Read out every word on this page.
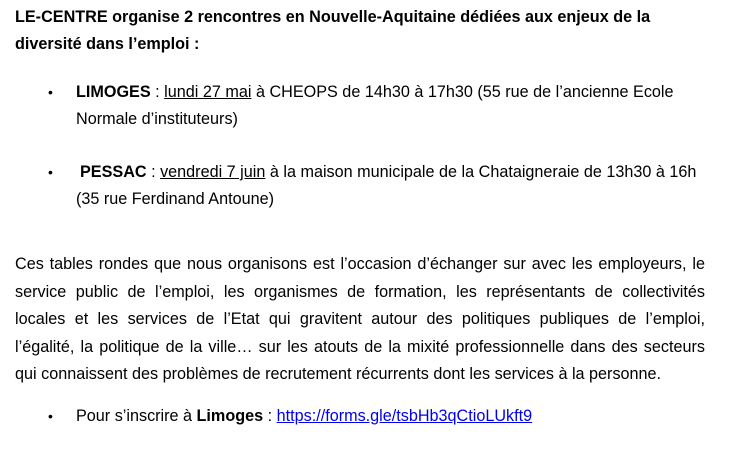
LE-CENTRE organise 2 rencontres en Nouvelle-Aquitaine dédiées aux enjeux de la diversité dans l’emploi :
• LIMOGES : lundi 27 mai à CHEOPS de 14h30 à 17h30 (55 rue de l’ancienne Ecole Normale d’instituteurs)
• PESSAC : vendredi 7 juin à la maison municipale de la Chataigneraie de 13h30 à 16h (35 rue Ferdinand Antoune)

Ces tables rondes que nous organisons est l’occasion d’échanger sur avec les employeurs, le service public de l’emploi, les organismes de formation, les représentants de collectivités locales et les services de l’Etat qui gravitent autour des politiques publiques de l’emploi, l’égalité, la politique de la ville… sur les atouts de la mixité professionnelle dans des secteurs qui connaissent des problèmes de recrutement récurrents dont les services à la personne.

• Pour s’inscrire à Limoges : https://forms.gle/tsbHb3qCtioLUkft9
